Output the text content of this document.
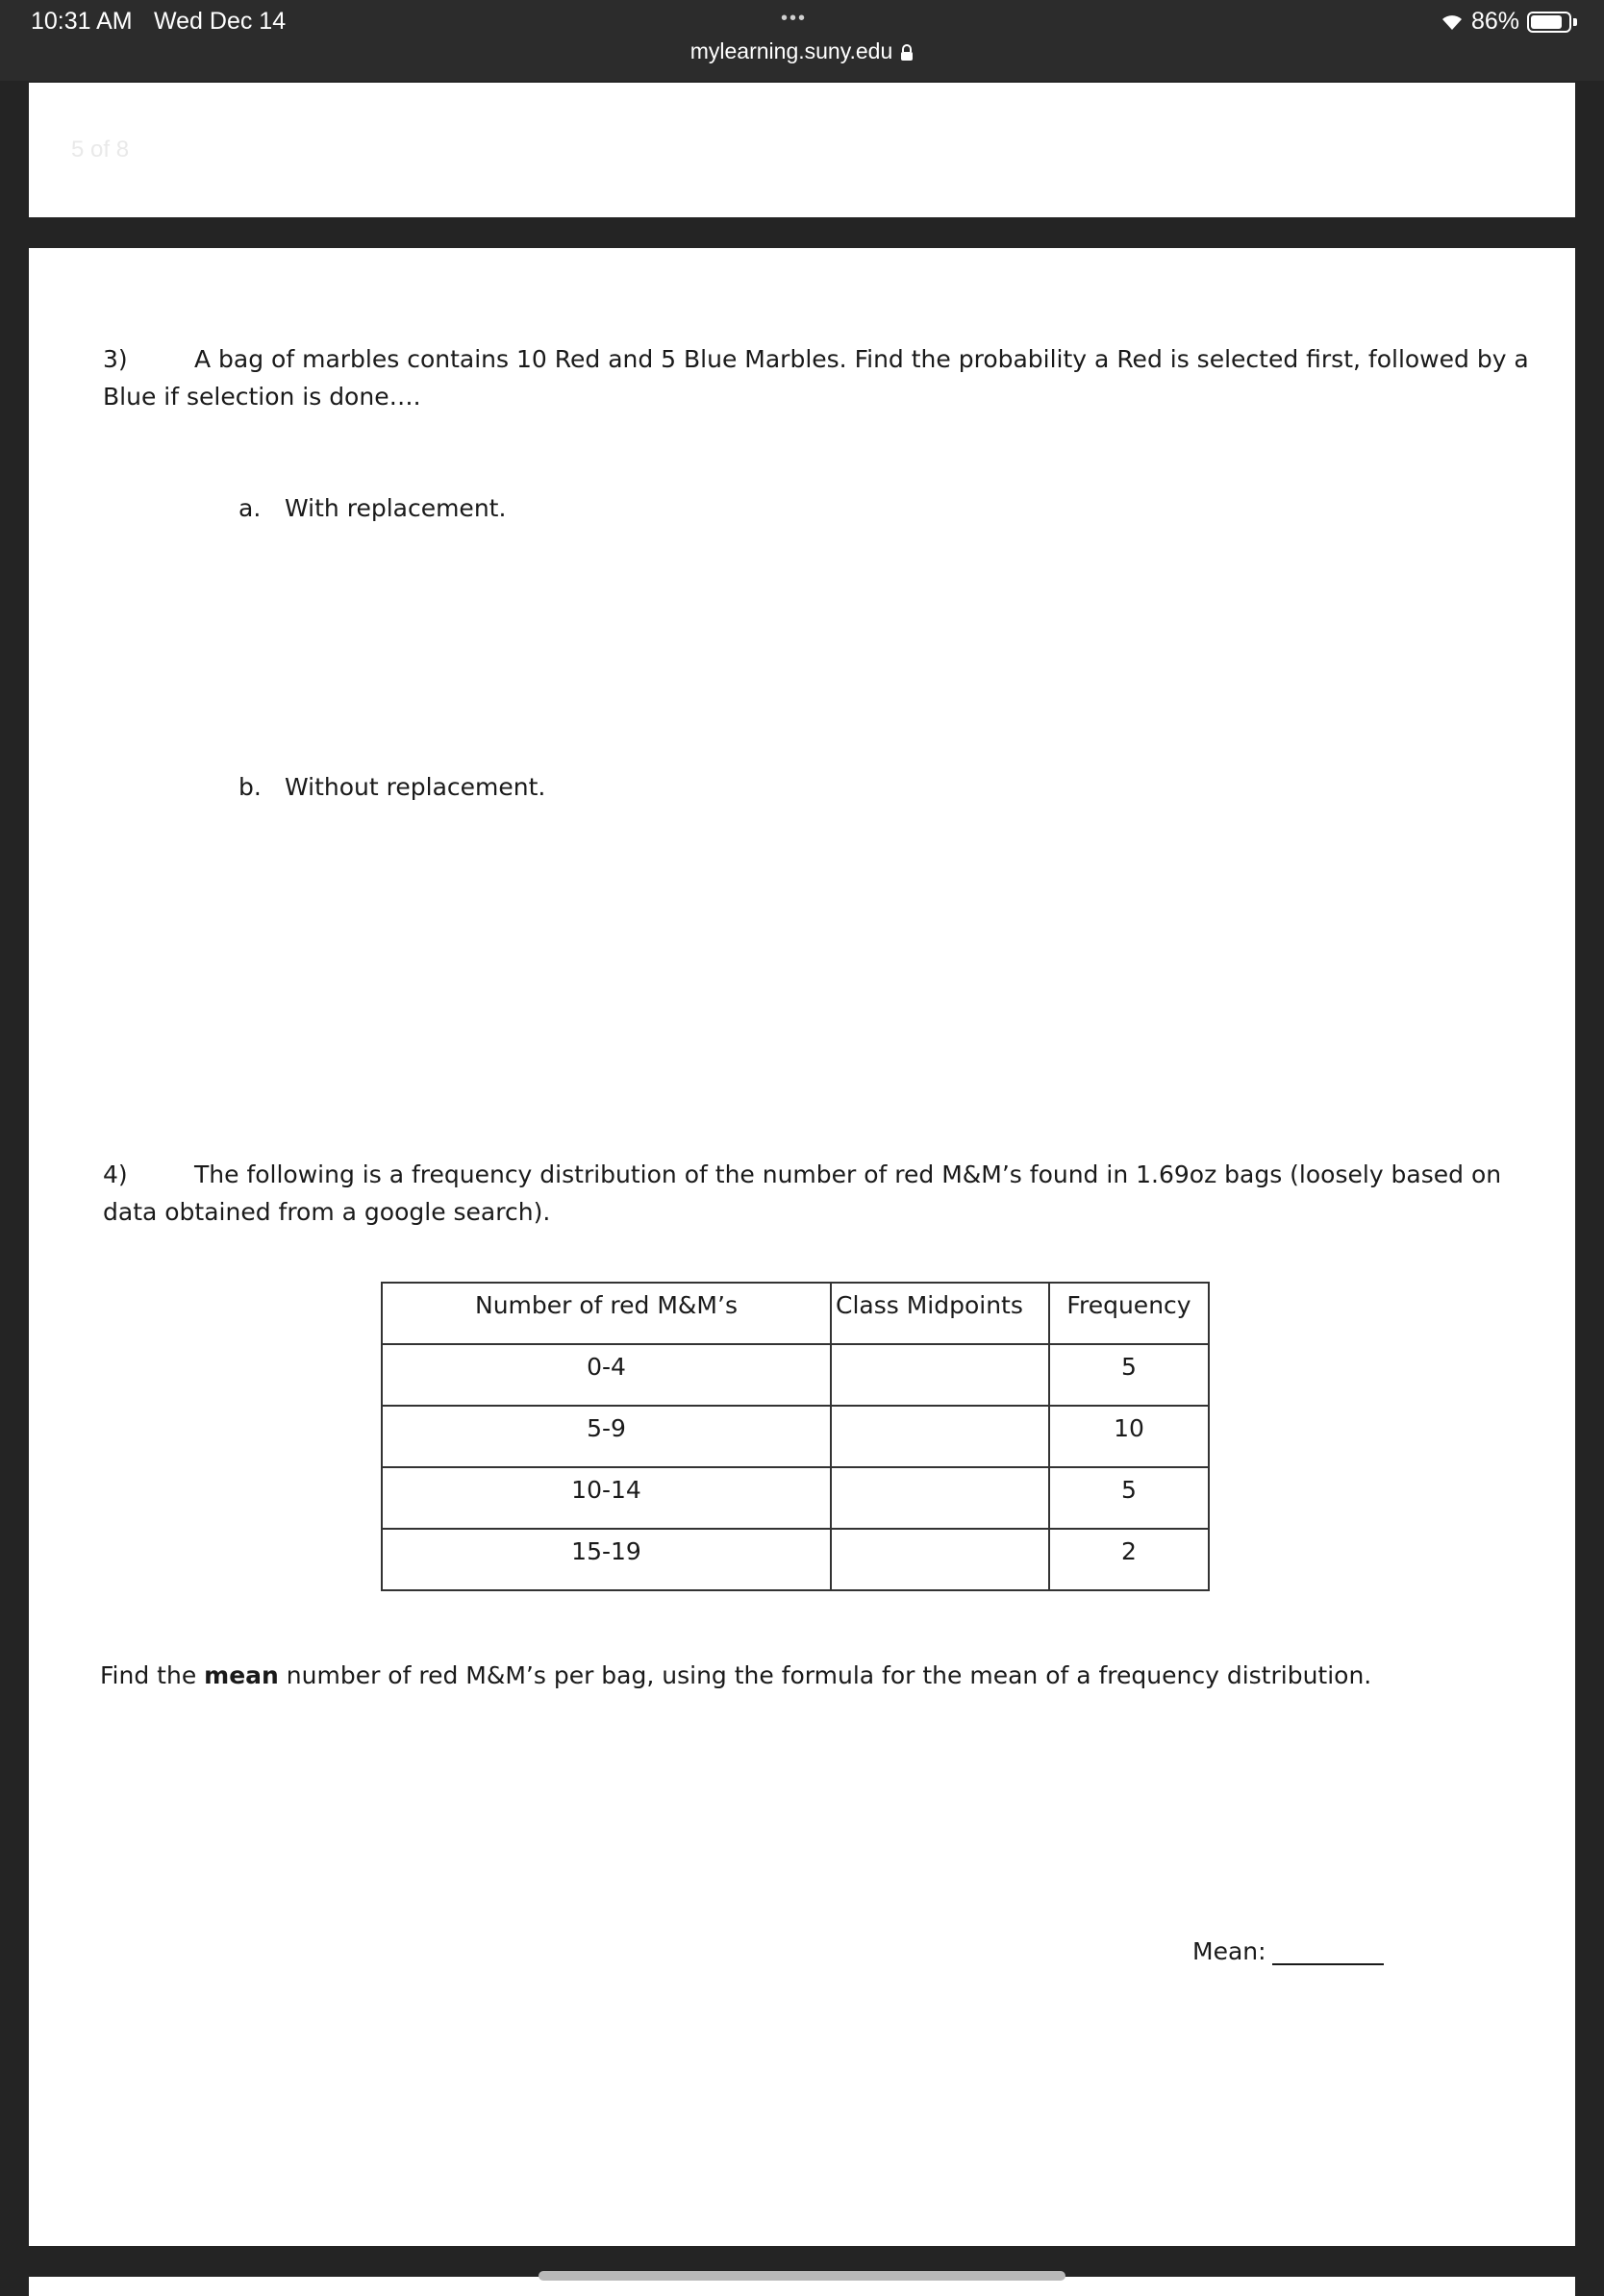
10:31 AM Wed Dec 14	•••	86%
mylearning.suny.edu
5 of 8
3)	A bag of marbles contains 10 Red and 5 Blue Marbles. Find the probability a Red is selected first, followed by a
Blue if selection is done….
a. With replacement.
b. Without replacement.
4)	The following is a frequency distribution of the number of red M&M’s found in 1.69oz bags (loosely based on
data obtained from a google search).
Number of red M&M’s	Class Midpoints	Frequency
0-4		5
5-9		10
10-14		5
15-19		2
Find the mean number of red M&M’s per bag, using the formula for the mean of a frequency distribution.
Mean:
